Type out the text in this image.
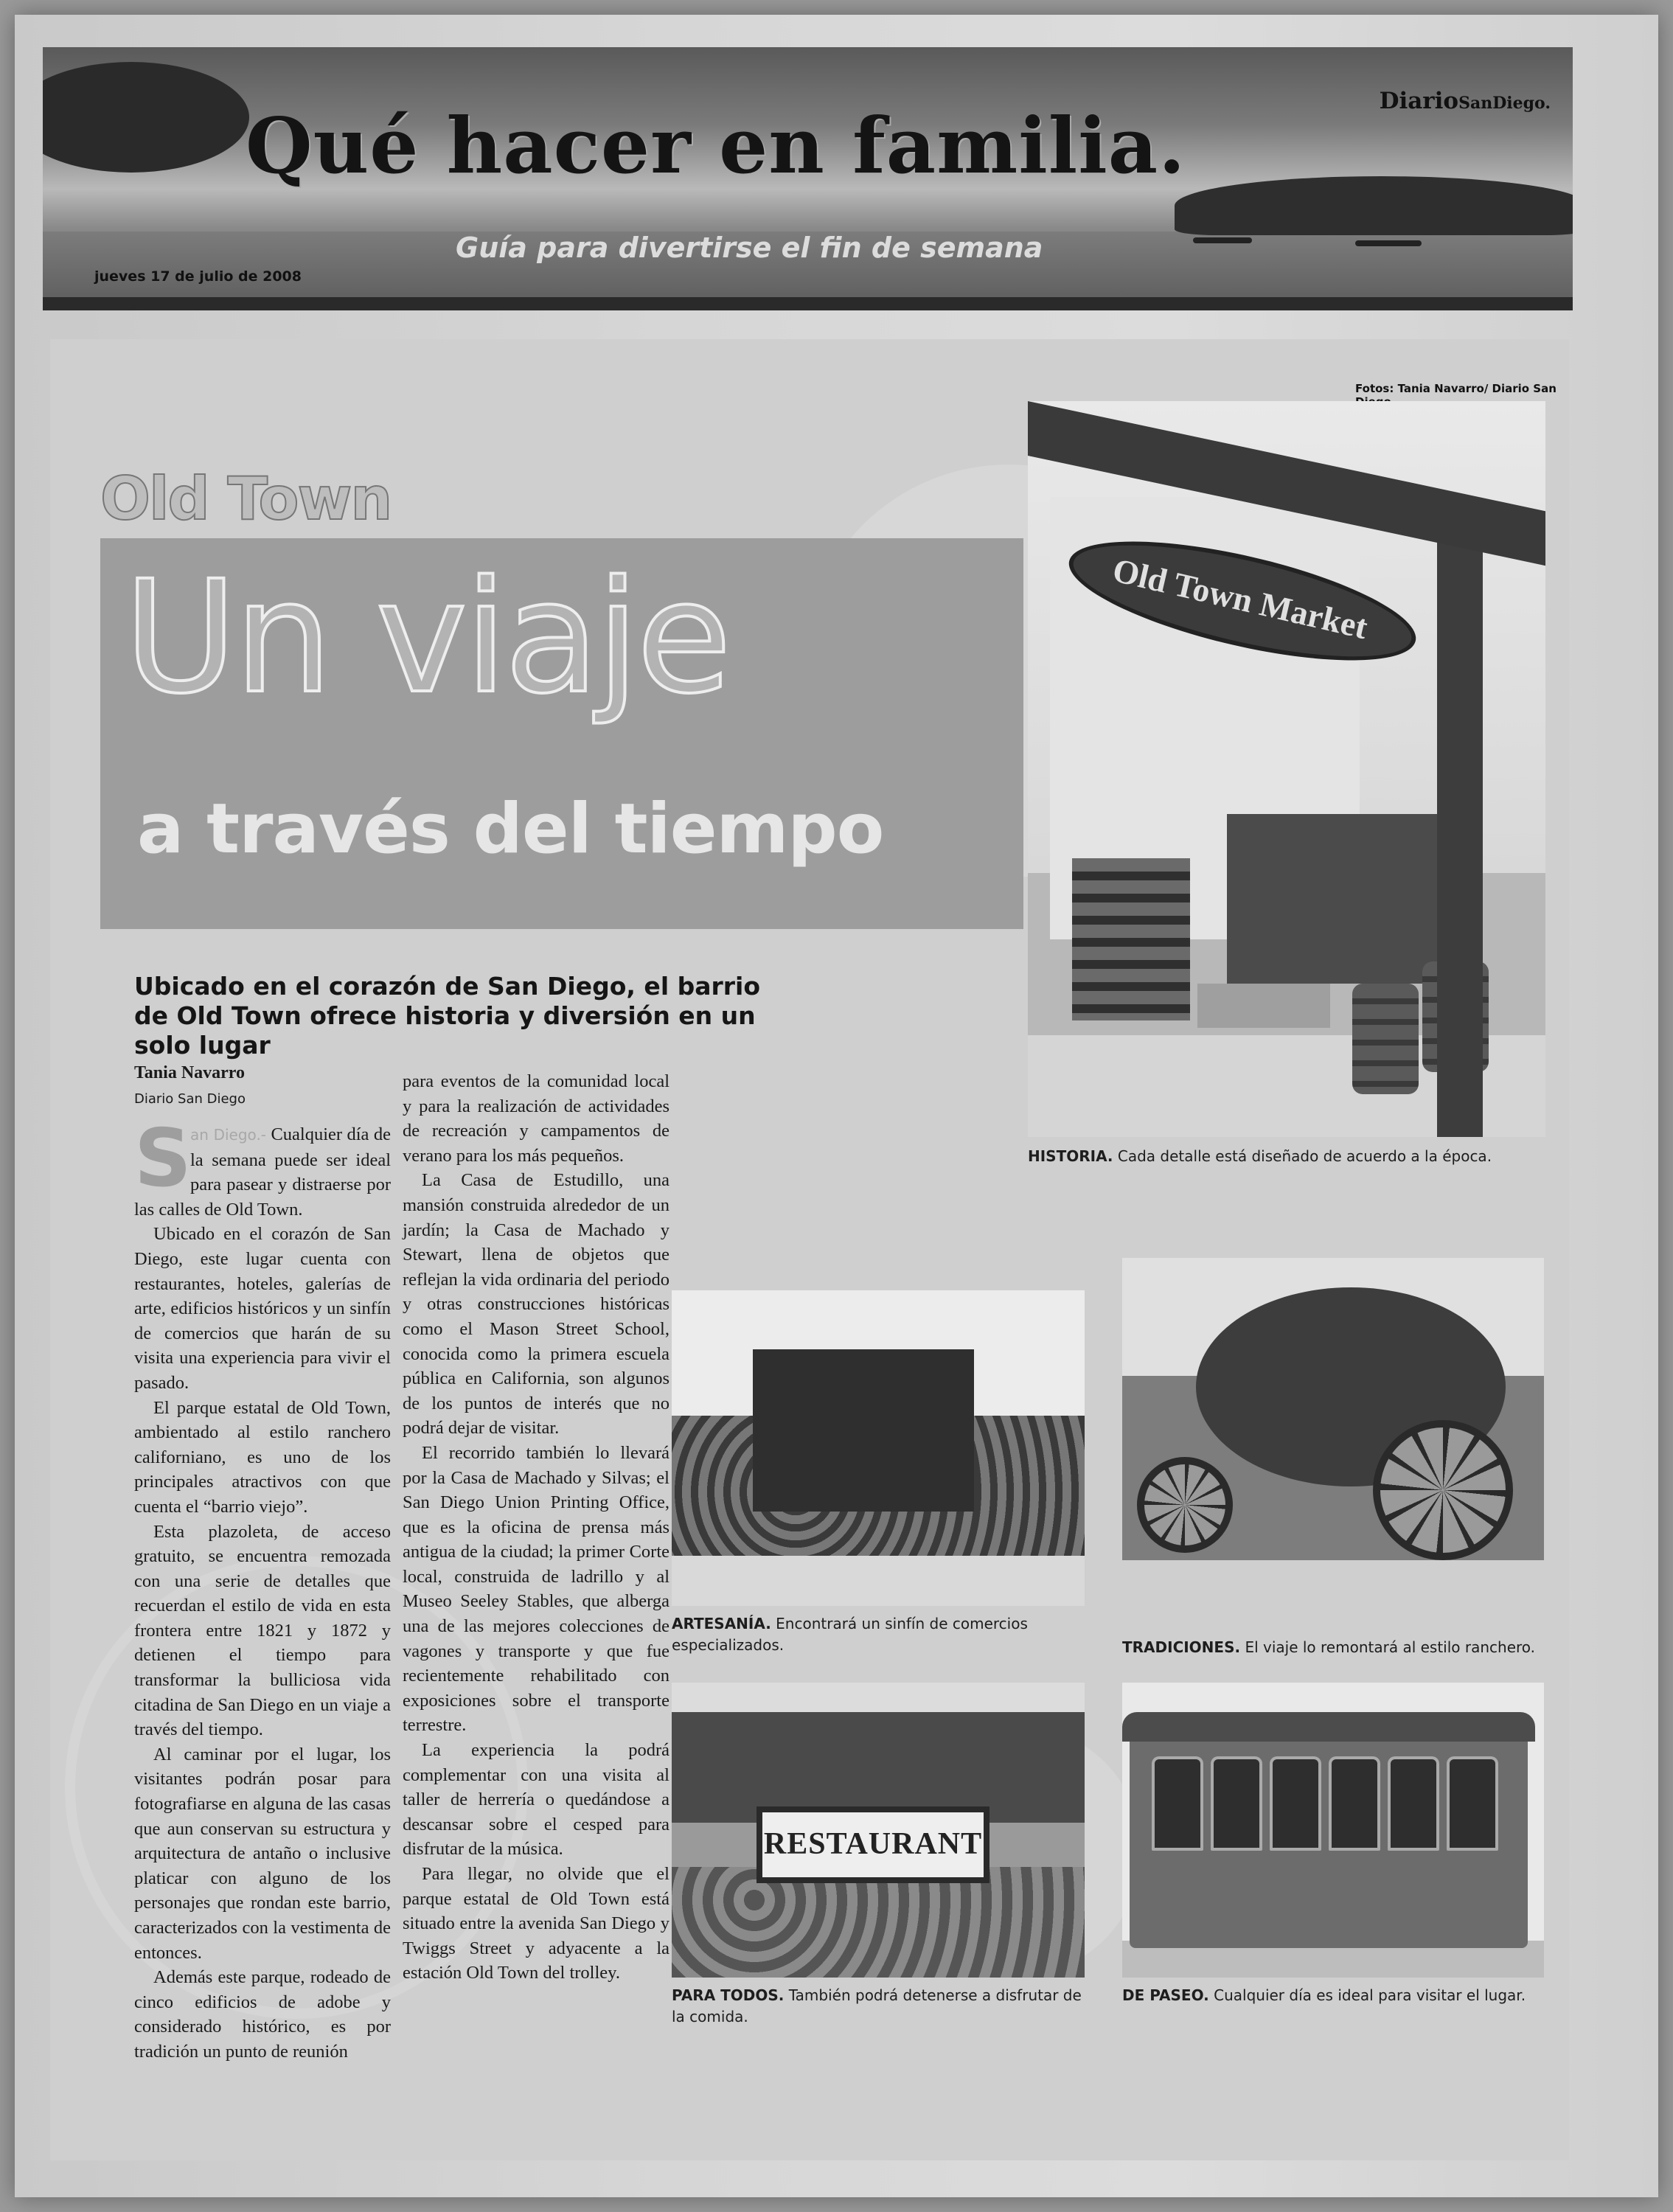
Qué hacer en familia.	DiarioSanDiego.
Guía para divertirse el fin de semana
jueves 17 de julio de 2008
Fotos: Tania Navarro/ Diario San
Old Town
Un viaje
a través del tiempo

Ubicado en el corazón de San Diego, el barrio de Old Town ofrece historia y diversión en un solo lugar

Tania Navarro
Diario San Diego

S
an Diego.- Cualquier día de la semana puede ser ideal para pasear y distraerse por las calles de Old Town.

Ubicado en el corazón de San Diego, este lugar cuenta con restaurantes, hoteles, galerías de arte, edificios históricos y un sinfín de comercios que harán de su visita una experiencia para vivir el pasado.

El parque estatal de Old Town, ambientado al estilo ranchero californiano, es uno de los principales atractivos con que cuenta el “barrio viejo”.

Esta plazoleta, de acceso gratuito, se encuentra remozada con una serie de detalles que recuerdan el estilo de vida en esta frontera entre 1821 y 1872 y detienen el tiempo para transformar la bulliciosa vida citadina de San Diego en un viaje a través del tiempo.

Al caminar por el lugar, los visitantes podrán posar para fotografiarse en alguna de las casas que aun conservan su estructura y arquitectura de antaño o inclusive platicar con alguno de los personajes que rondan este barrio, caracterizados con la vestimenta de entonces.

Además este parque, rodeado de cinco edificios de adobe y considerado histórico, es por tradición un punto de reunión

para eventos de la comunidad local y para la realización de actividades de recreación y campamentos de verano para los más pequeños.

La Casa de Estudillo, una mansión construida alrededor de un jardín; la Casa de Machado y Stewart, llena de objetos que reflejan la vida ordinaria del periodo y otras construcciones históricas como el Mason Street School, conocida como la primera escuela pública en California, son algunos de los puntos de interés que no podrá dejar de visitar.

El recorrido también lo llevará por la Casa de Machado y Silvas; el San Diego Union Printing Office, que es la oficina de prensa más antigua de la ciudad; la primer Corte local, construida de ladrillo y al Museo Seeley Stables, que alberga una de las mejores colecciones de vagones y transporte y que fue recientemente rehabilitado con exposiciones sobre el transporte terrestre.

La experiencia la podrá complementar con una visita al taller de herrería o quedándose a descansar sobre el cesped para disfrutar de la música.

Para llegar, no olvide que el parque estatal de Old Town está situado entre la avenida San Diego y Twiggs Street y adyacente a la estación Old Town del trolley.

Old Town Market
HISTORIA. Cada detalle está diseñado de acuerdo a la época.
ARTESANÍA. Encontrará un sinfín de comercios especializados.	TRADICIONES. El viaje lo remontará al estilo ranchero.
RESTAURANT
PARA TODOS. También podrá detenerse a disfrutar de la comida.
DE PASEO. Cualquier día es ideal para visitar el lugar.
